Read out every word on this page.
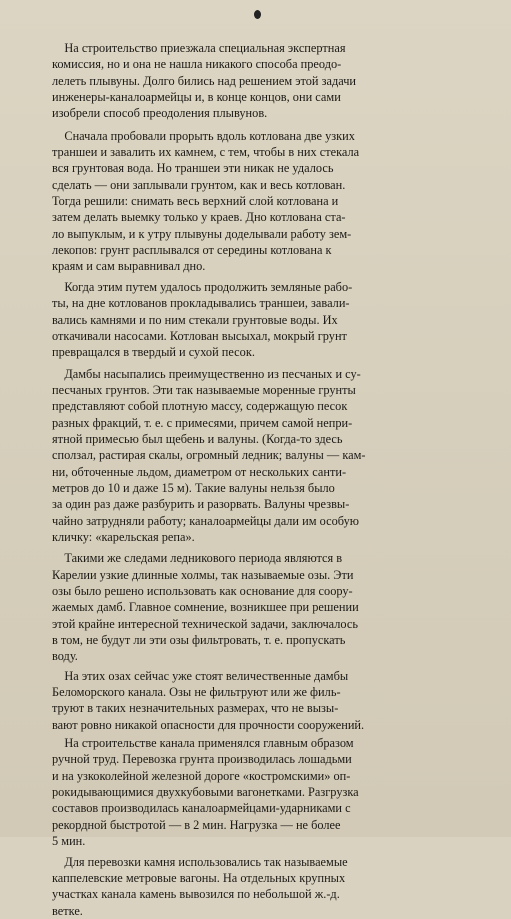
На строительство приезжала специальная экспертная
комиссия, но и она не нашла никакого способа преодо-
лелеть плывуны. Долго бились над решением этой задачи
инженеры-каналоармейцы и, в конце концов, они сами
изобрели способ преодоления плывунов.

Сначала пробовали прорыть вдоль котлована две узких
траншеи и завалить их камнем, с тем, чтобы в них стекала
вся грунтовая вода. Но траншеи эти никак не удалось
сделать — они заплывали грунтом, как и весь котлован.
Тогда решили: снимать весь верхний слой котлована и
затем делать выемку только у краев. Дно котлована ста-
ло выпуклым, и к утру плывуны доделывали работу зем-
лекопов: грунт расплывался от середины котлована к
краям и сам выравнивал дно.

Когда этим путем удалось продолжить земляные рабо-
ты, на дне котлованов прокладывались траншеи, завали-
вались камнями и по ним стекали грунтовые воды. Их
откачивали насосами. Котлован высыхал, мокрый грунт
превращался в твердый и сухой песок.

Дамбы насыпались преимущественно из песчаных и су-
песчаных грунтов. Эти так называемые моренные грунты
представляют собой плотную массу, содержащую песок
разных фракций, т. е. с примесями, причем самой непри-
ятной примесью был щебень и валуны. (Когда-то здесь
сползал, растирая скалы, огромный ледник; валуны — кам-
ни, обточенные льдом, диаметром от нескольких санти-
метров до 10 и даже 15 м). Такие валуны нельзя было
за один раз даже разбурить и разорвать. Валуны чрезвы-
чайно затрудняли работу; каналоармейцы дали им особую
кличку: «карельская репа».

Такими же следами ледникового периода являются в
Карелии узкие длинные холмы, так называемые озы. Эти
озы было решено использовать как основание для соору-
жаемых дамб. Главное сомнение, возникшее при решении
этой крайне интересной технической задачи, заключалось
в том, не будут ли эти озы фильтровать, т. е. пропускать
воду.

На этих озах сейчас уже стоят величественные дамбы
Беломорского канала. Озы не фильтруют или же филь-
труют в таких незначительных размерах, что не вызы-
вают ровно никакой опасности для прочности сооружений.

На строительстве канала применялся главным образом
ручной труд. Перевозка грунта производилась лошадьми
и на узкоколейной железной дороге «костромскими» оп-
рокидывающимися двухкубовыми вагонетками. Разгрузка
составов производилась каналоармейцами-ударниками с
рекордной быстротой — в 2 мин. Нагрузка — не более
5 мин.

Для перевозки камня использовались так называемые
каппелевские метровые вагоны. На отдельных крупных
участках канала камень вывозился по небольшой ж.-д.
ветке.
